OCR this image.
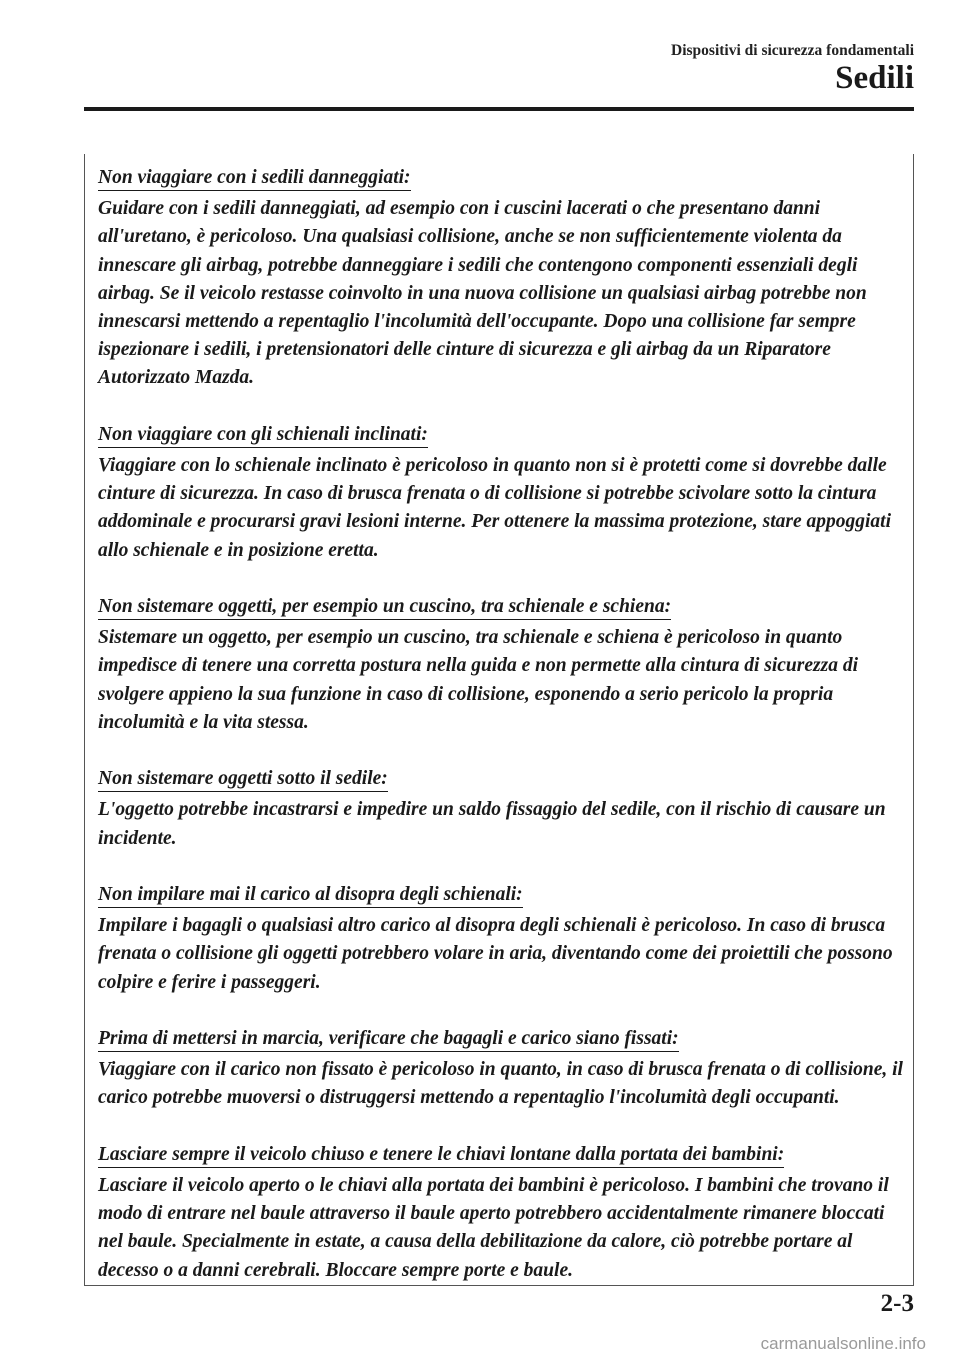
Dispositivi di sicurezza fondamentali
Sedili
Non viaggiare con i sedili danneggiati:
Guidare con i sedili danneggiati, ad esempio con i cuscini lacerati o che presentano danni all'uretano, è pericoloso. Una qualsiasi collisione, anche se non sufficientemente violenta da innescare gli airbag, potrebbe danneggiare i sedili che contengono componenti essenziali degli airbag. Se il veicolo restasse coinvolto in una nuova collisione un qualsiasi airbag potrebbe non innescarsi mettendo a repentaglio l'incolumità dell'occupante. Dopo una collisione far sempre ispezionare i sedili, i pretensionatori delle cinture di sicurezza e gli airbag da un Riparatore Autorizzato Mazda.
Non viaggiare con gli schienali inclinati:
Viaggiare con lo schienale inclinato è pericoloso in quanto non si è protetti come si dovrebbe dalle cinture di sicurezza. In caso di brusca frenata o di collisione si potrebbe scivolare sotto la cintura addominale e procurarsi gravi lesioni interne. Per ottenere la massima protezione, stare appoggiati allo schienale e in posizione eretta.
Non sistemare oggetti, per esempio un cuscino, tra schienale e schiena:
Sistemare un oggetto, per esempio un cuscino, tra schienale e schiena è pericoloso in quanto impedisce di tenere una corretta postura nella guida e non permette alla cintura di sicurezza di svolgere appieno la sua funzione in caso di collisione, esponendo a serio pericolo la propria incolumità e la vita stessa.
Non sistemare oggetti sotto il sedile:
L'oggetto potrebbe incastrarsi e impedire un saldo fissaggio del sedile, con il rischio di causare un incidente.
Non impilare mai il carico al disopra degli schienali:
Impilare i bagagli o qualsiasi altro carico al disopra degli schienali è pericoloso. In caso di brusca frenata o collisione gli oggetti potrebbero volare in aria, diventando come dei proiettili che possono colpire e ferire i passeggeri.
Prima di mettersi in marcia, verificare che bagagli e carico siano fissati:
Viaggiare con il carico non fissato è pericoloso in quanto, in caso di brusca frenata o di collisione, il carico potrebbe muoversi o distruggersi mettendo a repentaglio l'incolumità degli occupanti.
Lasciare sempre il veicolo chiuso e tenere le chiavi lontane dalla portata dei bambini:
Lasciare il veicolo aperto o le chiavi alla portata dei bambini è pericoloso. I bambini che trovano il modo di entrare nel baule attraverso il baule aperto potrebbero accidentalmente rimanere bloccati nel baule. Specialmente in estate, a causa della debilitazione da calore, ciò potrebbe portare al decesso o a danni cerebrali. Bloccare sempre porte e baule.
2-3
carmanualsonline.info
